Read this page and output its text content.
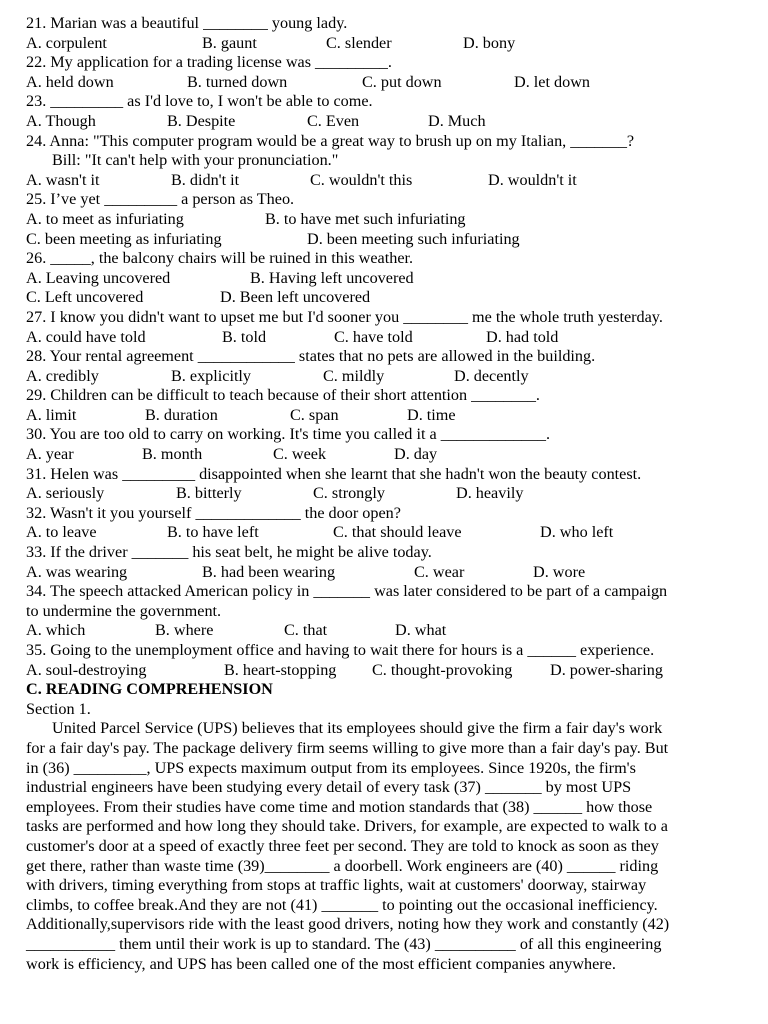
21. Marian was a beautiful ________ young lady.

A. corpulent

	B. gaunt

	C. slender

	D. bony

22. My application for a trading license was _________.

A. held down

	B. turned down

	C. put down

	D. let down

23. _________ as I'd love to, I won't be able to come.

A. Though

	B. Despite

	C. Even

	D. Much

24. Anna: "This computer program would be a great way to brush up on my Italian, _______?
Bill: "It can't help with your pronunciation."

A. wasn't it

	B. didn't it

	C. wouldn't this

	D. wouldn't it

25. I’ve yet _________ a person as Theo.

A. to meet as infuriating

	B. to have met such infuriating

C. been meeting as infuriating

	D. been meeting such infuriating

26. _____, the balcony chairs will be ruined in this weather.

A. Leaving uncovered

	B. Having left uncovered

C. Left uncovered

	D. Been left uncovered

27. I know you didn't want to upset me but I'd sooner you ________ me the whole truth yesterday.

A. could have told

	B. told

	C. have told

	D. had told

28. Your rental agreement ____________ states that no pets are allowed in the building.

A. credibly

	B. explicitly

	C. mildly

	D. decently

29. Children can be difficult to teach because of their short attention ________.

A. limit

	B. duration

	C. span

	D. time

30. You are too old to carry on working. It's time you called it a _____________.

A. year

	B. month

	C. week

	D. day

31. Helen was _________ disappointed when she learnt that she hadn't won the beauty contest.

A. seriously

	B. bitterly

	C. strongly

	D. heavily

32. Wasn't it you yourself _____________ the door open?

A. to leave

	B. to have left

	C. that should leave

	D. who left

33. If the driver _______ his seat belt, he might be alive today.

A. was wearing

	B. had been wearing

	C. wear

	D. wore

34. The speech attacked American policy in _______ was later considered to be part of a campaign
to undermine the government.

A. which

	B. where

	C. that

	D. what

35. Going to the unemployment office and having to wait there for hours is a ______ experience.

A. soul-destroying

	B. heart-stopping

C. thought-provoking

D. power-sharing

C. READING COMPREHENSION
Section 1.
United Parcel Service (UPS) believes that its employees should give the firm a fair day's work
for a fair day's pay. The package delivery firm seems willing to give more than a fair day's pay. But
in (36) _________, UPS expects maximum output from its employees. Since 1920s, the firm's
industrial engineers have been studying every detail of every task (37) _______ by most UPS
employees. From their studies have come time and motion standards that (38) ______ how those
tasks are performed and how long they should take. Drivers, for example, are expected to walk to a
customer's door at a speed of exactly three feet per second. They are told to knock as soon as they
get there, rather than waste time (39)________ a doorbell. Work engineers are (40) ______ riding
with drivers, timing everything from stops at traffic lights, wait at customers' doorway, stairway
climbs, to coffee break.And they are not (41) _______ to pointing out the occasional inefficiency.
Additionally,supervisors ride with the least good drivers, noting how they work and constantly (42)
___________ them until their work is up to standard. The (43) __________ of all this engineering
work is efficiency, and UPS has been called one of the most efficient companies anywhere.
